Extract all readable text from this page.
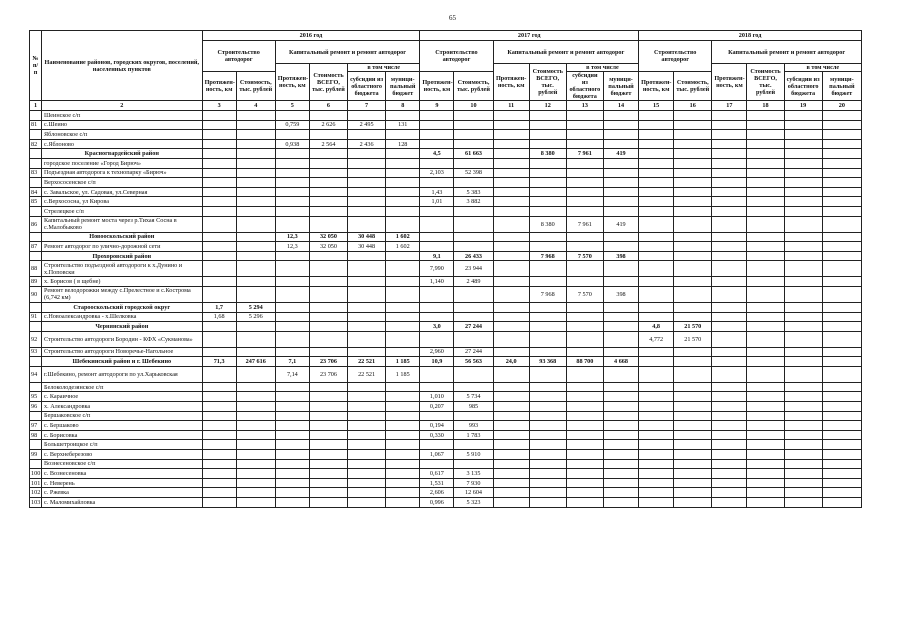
65
№ п/п	Наименование районов, городских округов, поселений, населенных пунктов	2016 год						2017 год						2018 год					
		Строительство автодорог		Капитальный ремонт и ремонт автодорог				Строительство автодорог		Капитальный ремонт и ремонт автодорог				Строительство автодорог		Капитальный ремонт и ремонт автодорог			
				Протяжен-ность, км	Стоимость ВСЕГО, тыс. рублей	в том числе				Протяжен-ность, км	Стоимость ВСЕГО, тыс. рублей	в том числе				Протяжен-ность, км	Стоимость ВСЕГО, тыс. рублей	в том числе	
		Протяжен-ность, км	Стоимость, тыс. рублей			субсидии из областного бюджета	муници-пальный бюджет	Протяжен-ность, км	Стоимость, тыс. рублей			субсидии из областного бюджета	муници-пальный бюджет	Протяжен-ность, км	Стоимость, тыс. рублей			субсидии из областного бюджета	муници-пальный бюджет
1	2	3	4	5	6	7	8	9	10	11	12	13	14	15	16	17	18	19	20
	Шеинское с/п																		
81	с.Шеино			0,759	2 626	2 495	131												
	Яблоновское с/п																		
82	с.Яблоново			0,938	2 564	2 436	128												
	Красногвардейский район							4,5	61 663		8 380	7 961	419						
	городское поселение «Город Бирюч»																		
83	Подъездная автодорога к технопарку «Бирюч»							2,103	52 398										
	Верхососенское с/п																		
84	с. Завальское, ул. Садовая, ул.Северная							1,43	5 383										
85	с.Верхососна, ул Кирова							1,01	3 882										
	Стрелецкое с/п																		
86	Капитальный ремонт моста через р.Тихая Сосна в с.Малобыково										8 380	7 961	419						
	Новооскольский район			12,3	32 050	30 448	1 602												
87	Ремонт автодорог по улично-дорожной сети			12,3	32 050	30 448	1 602												
	Прохоровский район							9,1	26 433		7 968	7 570	398						
88	Строительство подъездной автодороги к х.Дунино и х.Поповски							7,990	23 944										
89	х. Борисов ( в щебне)							1,140	2 489										
90	Ремонт велодорожки между с.Прелестное и с.Кострома (6,742 км)										7 968	7 570	398						
	Старооскольский городской округ	1,7	5 294																
91	с.Новоалександровка - х.Шелковка	1,68	5 296																
	Чернянский район							3,0	27 244					4,8	21 570				
92	Строительство автодороги Бородин - КФХ «Сукманова»													4,772	21 570				
93	Строительство автодороги Новоречье-Нагольное							2,960	27 244										
	Шебекинский район и г. Шебекино	71,3	247 616	7,1	23 706	22 521	1 185	10,9	56 563	24,0	93 368	88 700	4 668						
94	г.Шебекино, ремонт автодороги по ул.Харьковская			7,14	23 706	22 521	1 185												
	Белоколодезянское с/п																		
95	с. Караичное							1,010	5 734										
96	х. Александровка							0,207	985										
	Бершаковское с/п																		
97	с. Бершаково							0,194	993										
98	с. Борисовка							0,330	1 783										
	Большетроицкое с/п																		
99	с. Верхнеберезово							1,067	5 910										
	Вознесеновское с/п																		
100	с. Вознесеновка							0,617	3 135										
101	с. Неверень							1,531	7 930										
102	с. Ржевка							2,606	12 604										
103	с. Маломихайловка							0,996	5 323										
